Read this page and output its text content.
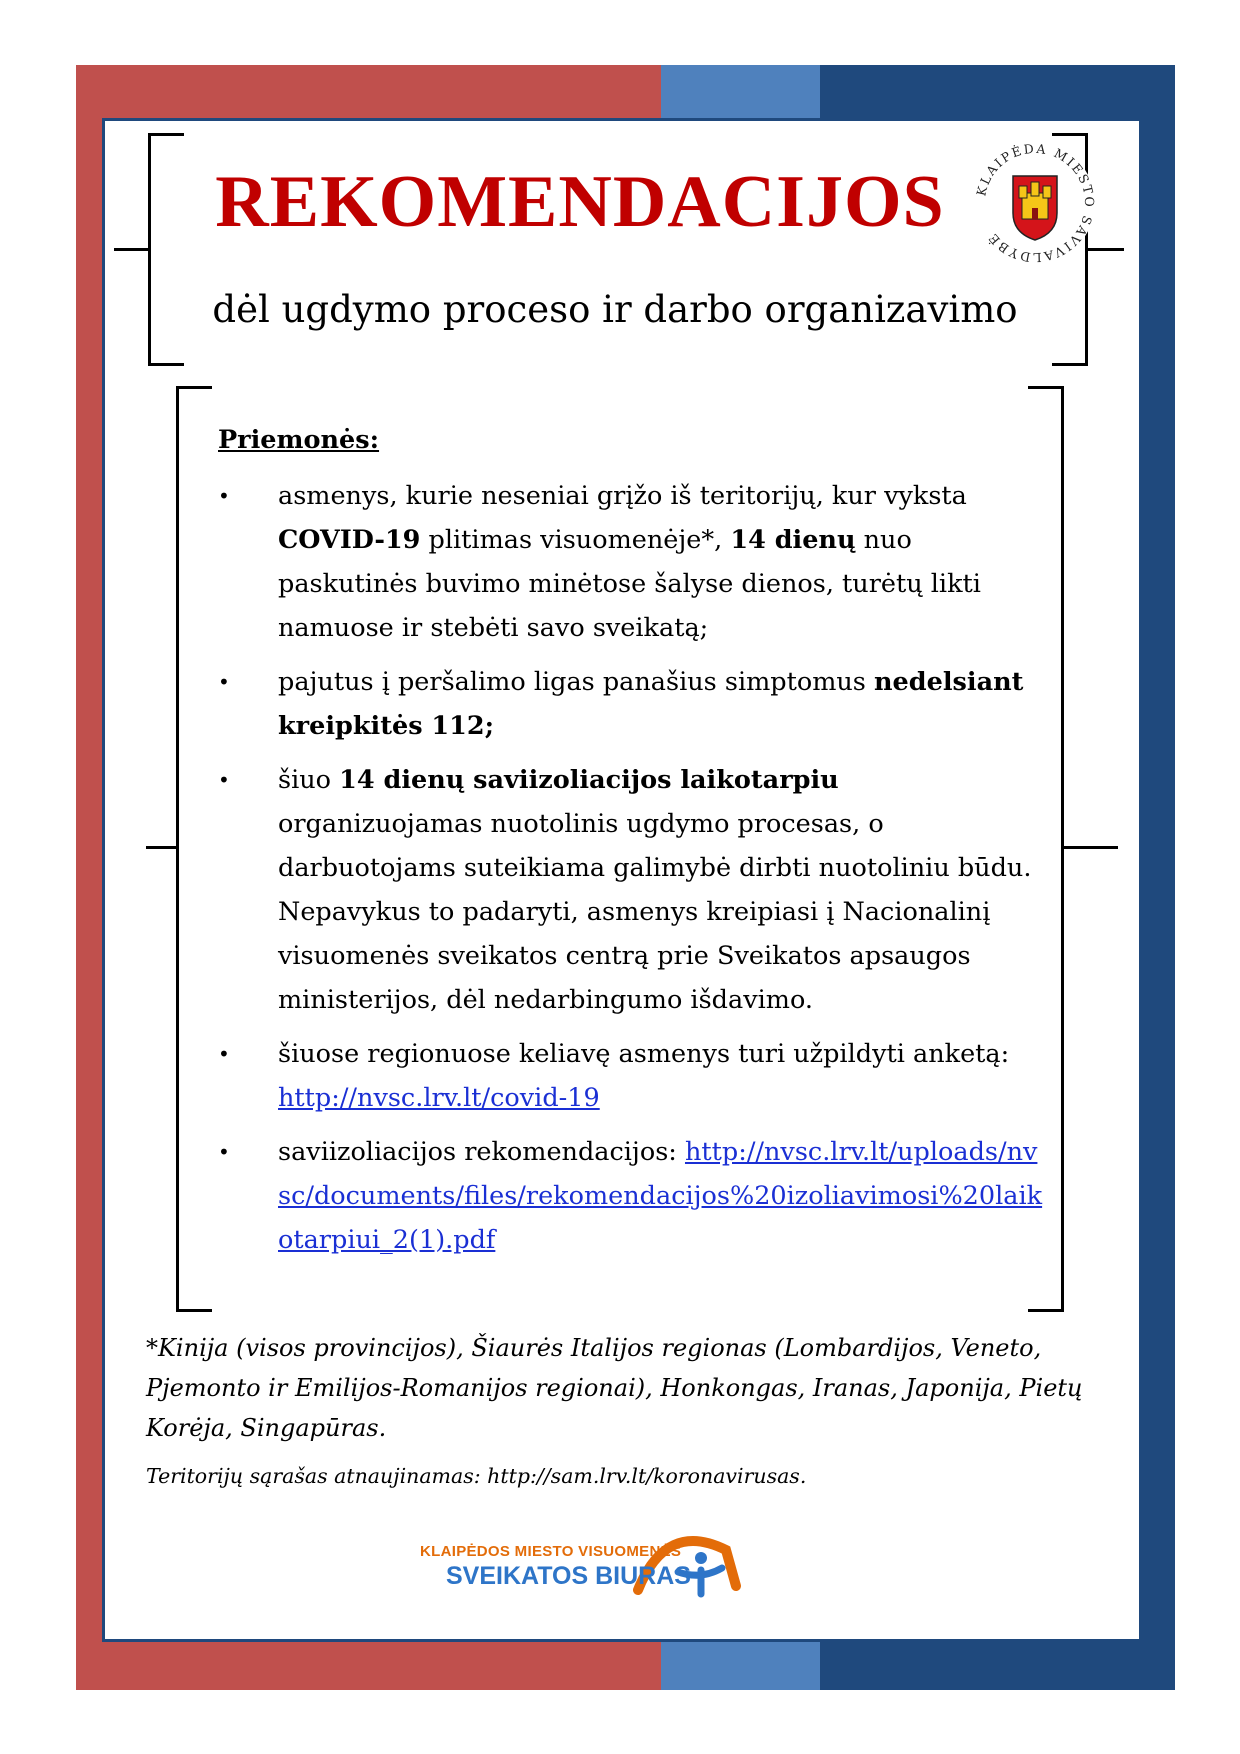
REKOMENDACIJOS
dėl ugdymo proceso ir darbo organizavimo
KLAIPĖDA MIESTO SAVIVALDYBĖ
Priemonės:
• asmenys, kurie neseniai grįžo iš teritorijų, kur vyksta COVID-19 plitimas visuomenėje*, 14 dienų nuo paskutinės buvimo minėtose šalyse dienos, turėtų likti namuose ir stebėti savo sveikatą;
• pajutus į peršalimo ligas panašius simptomus nedelsiant kreipkitės 112;
• šiuo 14 dienų saviizoliacijos laikotarpiu organizuojamas nuotolinis ugdymo procesas, o darbuotojams suteikiama galimybė dirbti nuotoliniu būdu. Nepavykus to padaryti, asmenys kreipiasi į Nacionalinį visuomenės sveikatos centrą prie Sveikatos apsaugos ministerijos, dėl nedarbingumo išdavimo.
• šiuose regionuose keliavę asmenys turi užpildyti anketą: http://nvsc.lrv.lt/covid-19
• saviizoliacijos rekomendacijos: http://nvsc.lrv.lt/uploads/nvsc/documents/files/rekomendacijos%20izoliavimosi%20laikotarpiui_2(1).pdf
*Kinija (visos provincijos), Šiaurės Italijos regionas (Lombardijos, Veneto, Pjemonto ir Emilijos-Romanijos regionai), Honkongas, Iranas, Japonija, Pietų Korėja, Singapūras.
Teritorijų sąrašas atnaujinamas: http://sam.lrv.lt/koronavirusas.
KLAIPĖDOS MIESTO VISUOMENĖS
SVEIKATOS BIURAS
